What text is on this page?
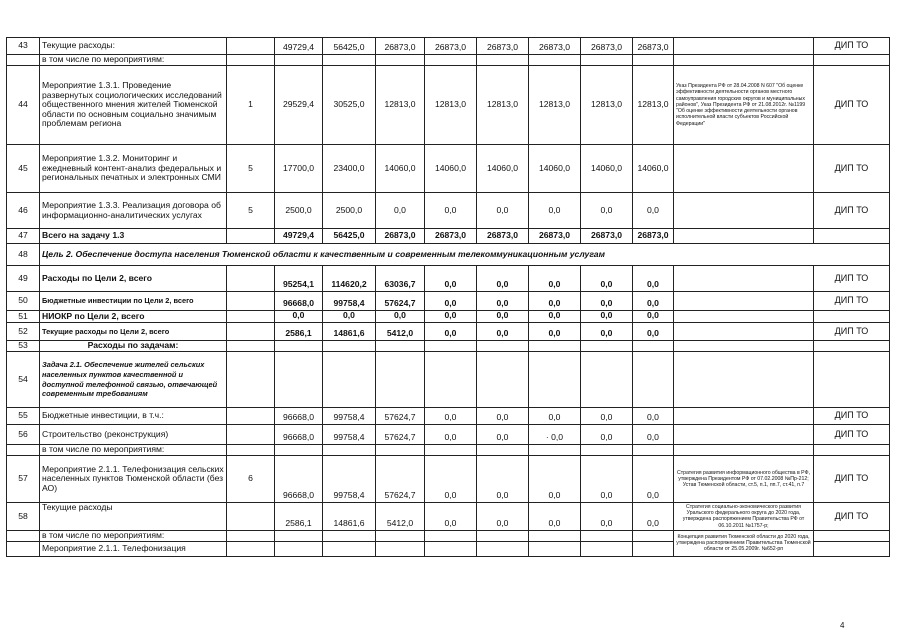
43	Текущие расходы:		49729,4	56425,0	26873,0	26873,0	26873,0	26873,0	26873,0	26873,0		ДИП ТО
	в том числе по мероприятиям:											
44	Мероприятие 1.3.1. Проведение развернутых социологических исследований общественного мнения жителей Тюменской области по основным социально значимым проблемам региона	1	29529,4	30525,0	12813,0	12813,0	12813,0	12813,0	12813,0	12813,0	Указ Президента РФ от 28.04.2008 N 607 "Об оценке эффективности деятельности органов местного самоуправления городских округов и муниципальных районов", Указ Президента РФ от 21.08.2012г. №1199 "Об оценке эффективности деятельности органов исполнительной власти субъектов Российской Федерации"	ДИП ТО
45	Мероприятие 1.3.2. Мониторинг и ежедневный контент-анализ федеральных и региональных печатных и электронных СМИ	5	17700,0	23400,0	14060,0	14060,0	14060,0	14060,0	14060,0	14060,0		ДИП ТО
46	Мероприятие 1.3.3. Реализация договора об информационно-аналитических услугах	5	2500,0	2500,0	0,0	0,0	0,0	0,0	0,0	0,0		ДИП ТО
47	Всего на задачу 1.3		49729,4	56425,0	26873,0	26873,0	26873,0	26873,0	26873,0	26873,0		
48	Цель 2. Обеспечение доступа населения Тюменской области к качественным и современным телекоммуникационным услугам											
49	Расходы по Цели 2, всего		95254,1	114620,2	63036,7	0,0	0,0	0,0	0,0	0,0		ДИП ТО
50	Бюджетные инвестиции по Цели 2, всего		96668,0	99758,4	57624,7	0,0	0,0	0,0	0,0	0,0		ДИП ТО
51	НИОКР по Цели 2, всего		0,0	0,0	0,0	0,0	0,0	0,0	0,0	0,0		
52	Текущие расходы по Цели 2, всего		2586,1	14861,6	5412,0	0,0	0,0	0,0	0,0	0,0		ДИП ТО
53	Расходы по задачам:											
54	Задача 2.1. Обеспечение жителей сельских населенных пунктов качественной и доступной телефонной связью, отвечающей современным требованиям											
55	Бюджетные инвестиции, в т.ч.:		96668,0	99758,4	57624,7	0,0	0,0	0,0	0,0	0,0		ДИП ТО
56	Строительство (реконструкция)		96668,0	99758,4	57624,7	0,0	0,0	· 0,0	0,0	0,0		ДИП ТО
	в том числе по мероприятиям:											
57	Мероприятие 2.1.1. Телефонизация сельских населенных пунктов Тюменской области (без АО)	6	96668,0	99758,4	57624,7	0,0	0,0	0,0	0,0	0,0	Стратегия развития информационного общества в РФ, утверждена Президентом РФ от 07.02.2008 №Пр-212; Устав Тюменской области, ст.5, п.1, пп.7, ст.41, п.7	ДИП ТО
58	Текущие расходы		2586,1	14861,6	5412,0	0,0	0,0	0,0	0,0	0,0	Стратегия социально-экономического развития Уральского федерального округа до 2020 года, утверждена распоряжением Правительства РФ от 06.10.2011 №1757-р;	ДИП ТО
	в том числе по мероприятиям:										Концепция развития Тюменской области до 2020 года, утверждена распоряжением Правительства Тюменской области от 25.05.2009г. №652-рп	
	Мероприятие 2.1.1. Телефонизация											
4
